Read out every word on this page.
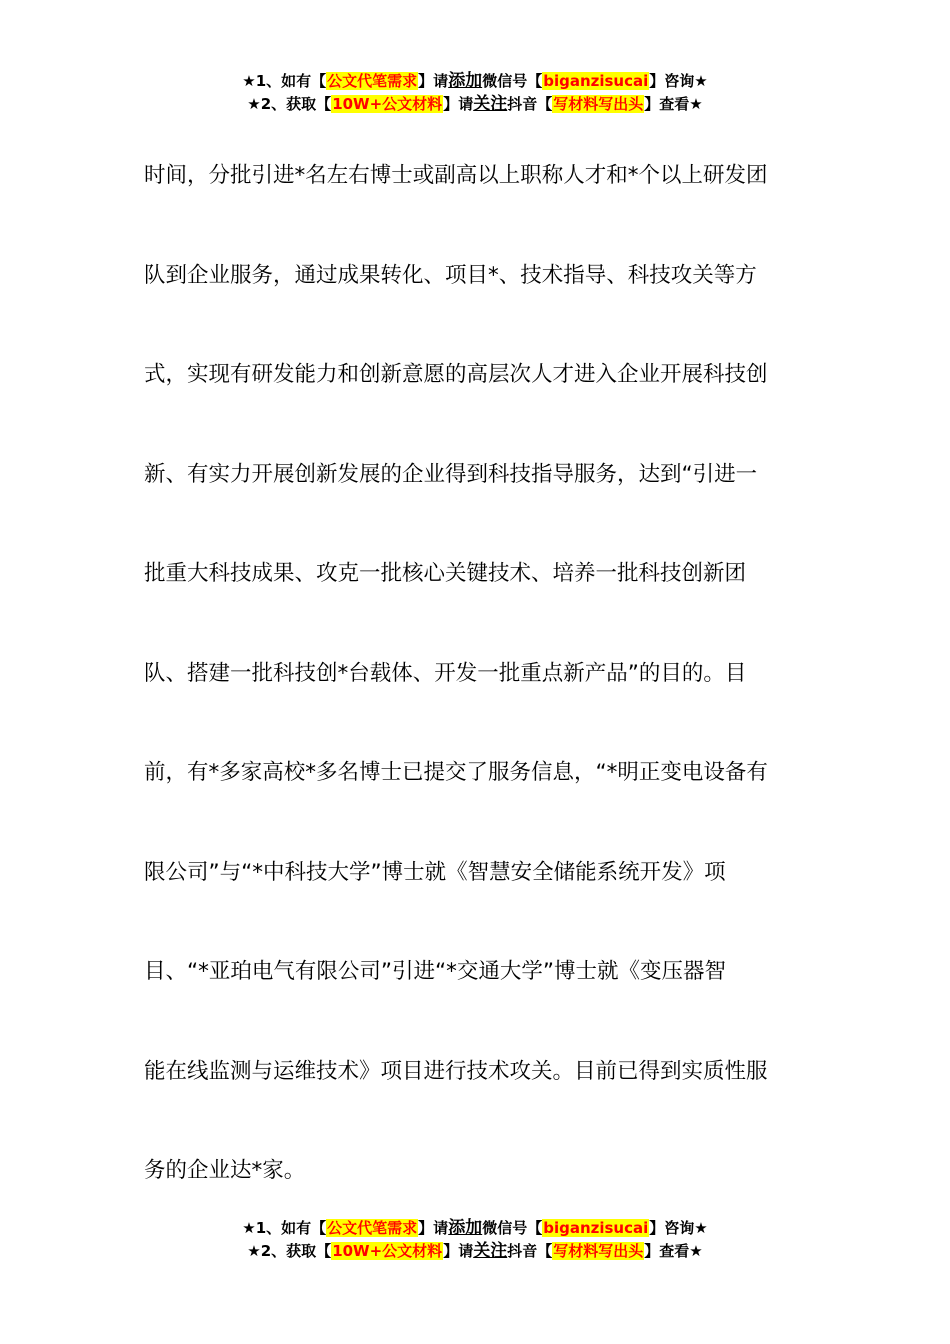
★1、如有【公文代笔需求】请添加微信号【biganzisucai】咨询★
★2、获取【10W+公文材料】请关注抖音【写材料写出头】查看★
时间，分批引进*名左右博士或副高以上职称人才和*个以上研发团
队到企业服务，通过成果转化、项目*、技术指导、科技攻关等方
式，实现有研发能力和创新意愿的高层次人才进入企业开展科技创
新、有实力开展创新发展的企业得到科技指导服务，达到“引进一
批重大科技成果、攻克一批核心关键技术、培养一批科技创新团
队、搭建一批科技创*台载体、开发一批重点新产品”的目的。目
前，有*多家高校*多名博士已提交了服务信息，“*明正变电设备有
限公司”与“*中科技大学”博士就《智慧安全储能系统开发》项
目、“*亚珀电气有限公司”引进“*交通大学”博士就《变压器智
能在线监测与运维技术》项目进行技术攻关。目前已得到实质性服
务的企业达*家。
★1、如有【公文代笔需求】请添加微信号【biganzisucai】咨询★
★2、获取【10W+公文材料】请关注抖音【写材料写出头】查看★
